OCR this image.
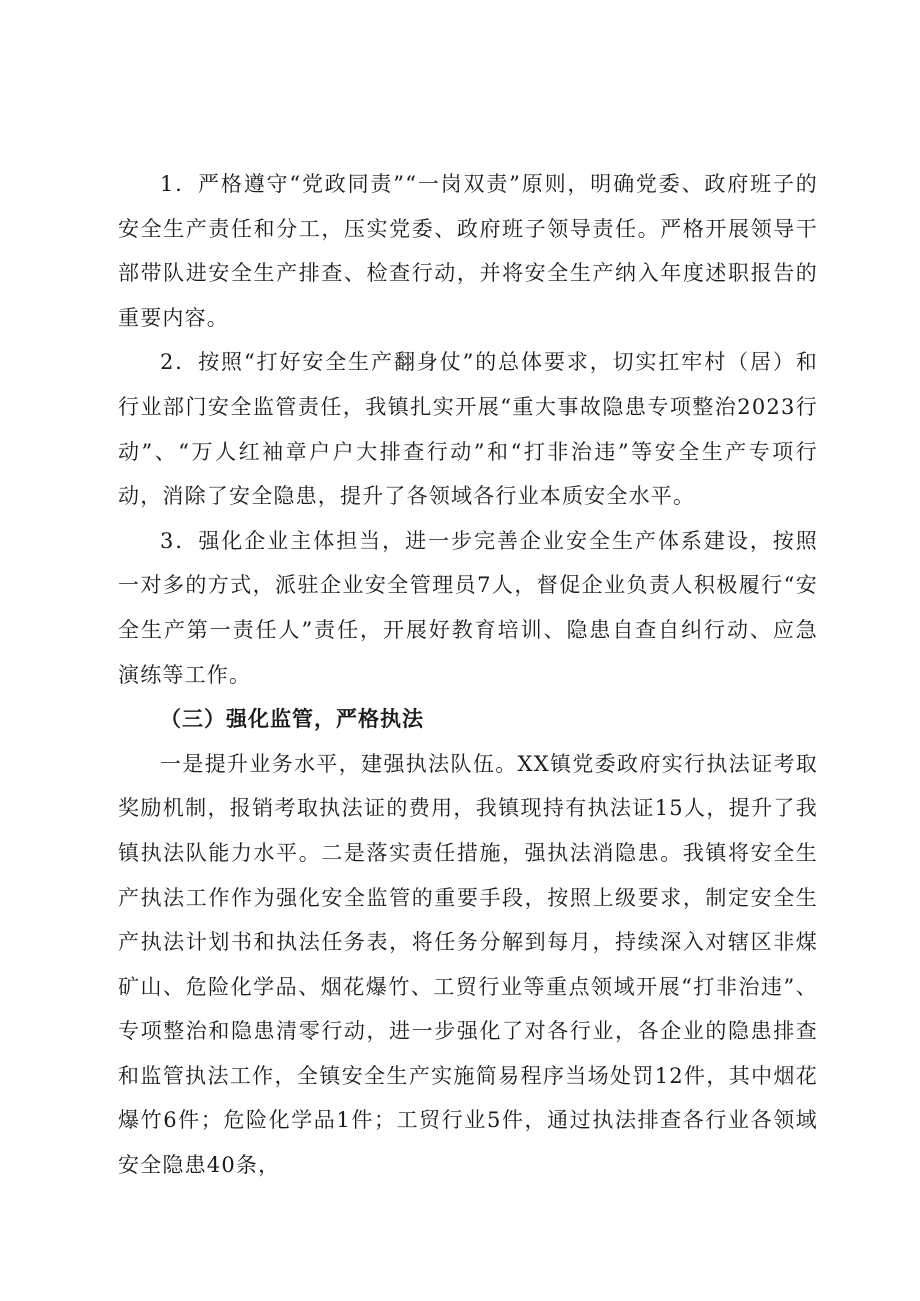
1．严格遵守“党政同责”“一岗双责”原则，明确党委、政府班子的安全生产责任和分工，压实党委、政府班子领导责任。严格开展领导干部带队进安全生产排查、检查行动，并将安全生产纳入年度述职报告的重要内容。

2．按照“打好安全生产翻身仗”的总体要求，切实扛牢村（居）和行业部门安全监管责任，我镇扎实开展“重大事故隐患专项整治2023行动”、“万人红袖章户户大排查行动”和“打非治违”等安全生产专项行动，消除了安全隐患，提升了各领域各行业本质安全水平。

3．强化企业主体担当，进一步完善企业安全生产体系建设，按照一对多的方式，派驻企业安全管理员7人，督促企业负责人积极履行“安全生产第一责任人”责任，开展好教育培训、隐患自查自纠行动、应急演练等工作。

（三）强化监管，严格执法

一是提升业务水平，建强执法队伍。XX镇党委政府实行执法证考取奖励机制，报销考取执法证的费用，我镇现持有执法证15人，提升了我镇执法队能力水平。二是落实责任措施，强执法消隐患。我镇将安全生产执法工作作为强化安全监管的重要手段，按照上级要求，制定安全生产执法计划书和执法任务表，将任务分解到每月，持续深入对辖区非煤矿山、危险化学品、烟花爆竹、工贸行业等重点领域开展“打非治违”、专项整治和隐患清零行动，进一步强化了对各行业，各企业的隐患排查和监管执法工作，全镇安全生产实施简易程序当场处罚12件，其中烟花爆竹6件；危险化学品1件；工贸行业5件，通过执法排查各行业各领域安全隐患40条，
